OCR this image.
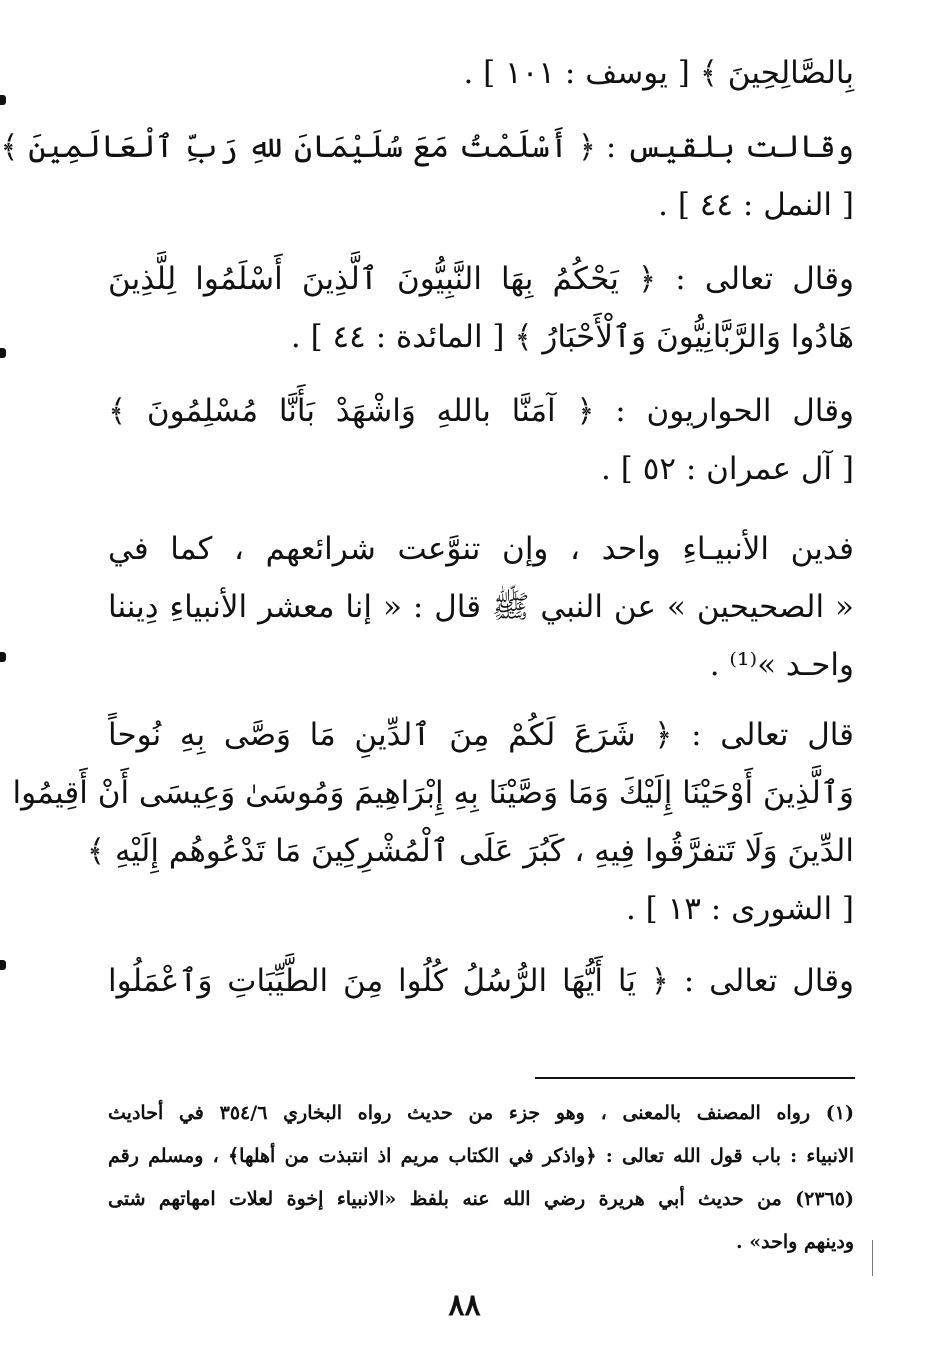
بِالصَّالِحِينَ ﴾ [ يوسف : ١٠١ ] .
وقالت بلقيس : ﴿ أَسْلَمْتُ مَعَ سُلَيْمَانَ للهِ رَبِّ ٱلْعَالَمِينَ ﴾
[ النمل : ٤٤ ] .
وقال تعالى : ﴿ يَحْكُمُ بِهَا النَّبِيُّونَ ٱلَّذِينَ أَسْلَمُوا لِلَّذِينَ
هَادُوا وَالرَّبَّانِيُّونَ وَٱلْأَحْبَارُ ﴾ [ المائدة : ٤٤ ] .
وقال الحواريون : ﴿ آمَنَّا باللهِ وَاشْهَدْ بَأَنَّا مُسْلِمُونَ ﴾
[ آل عمران : ٥٢ ] .
فدين الأنبيـاءِ واحد ، وإن تنوَّعت شرائعهم ، كما في
« الصحيحين » عن النبي ﷺ قال : « إنا معشر الأنبياءِ دِيننا
واحـد »⁽¹⁾ .
قال تعالى : ﴿ شَرَعَ لَكُمْ مِنَ ٱلدِّينِ مَا وَصَّى بِهِ نُوحاً
وَٱلَّذِينَ أَوْحَيْنَا إِلَيْكَ وَمَا وَصَّيْنَا بِهِ إِبْرَاهِيمَ وَمُوسَىٰ وَعِيسَى أَنْ أَقِيمُوا
الدِّينَ وَلَا تَتفرَّقُوا فِيهِ ، كَبُرَ عَلَى ٱلْمُشْرِكِينَ مَا تَدْعُوهُم إِلَيْهِ ﴾
[ الشورى : ١٣ ] .
وقال تعالى : ﴿ يَا أَيُّهَا الرُّسُلُ كُلُوا مِنَ الطَّيِّبَاتِ وَٱعْمَلُوا
(١) رواه المصنف بالمعنى ، وهو جزء من حديث رواه البخاري ٣٥٤/٦ في أحاديث
الانبياء : باب قول الله تعالى : ﴿واذكر في الكتاب مريم اذ انتبذت من أهلها﴾ ، ومسلم رقم
(٢٣٦٥) من حديث أبي هريرة رضي الله عنه بلفظ «الانبياء إخوة لعلات امهاتهم شتى
ودينهم واحد» .
٨٨
